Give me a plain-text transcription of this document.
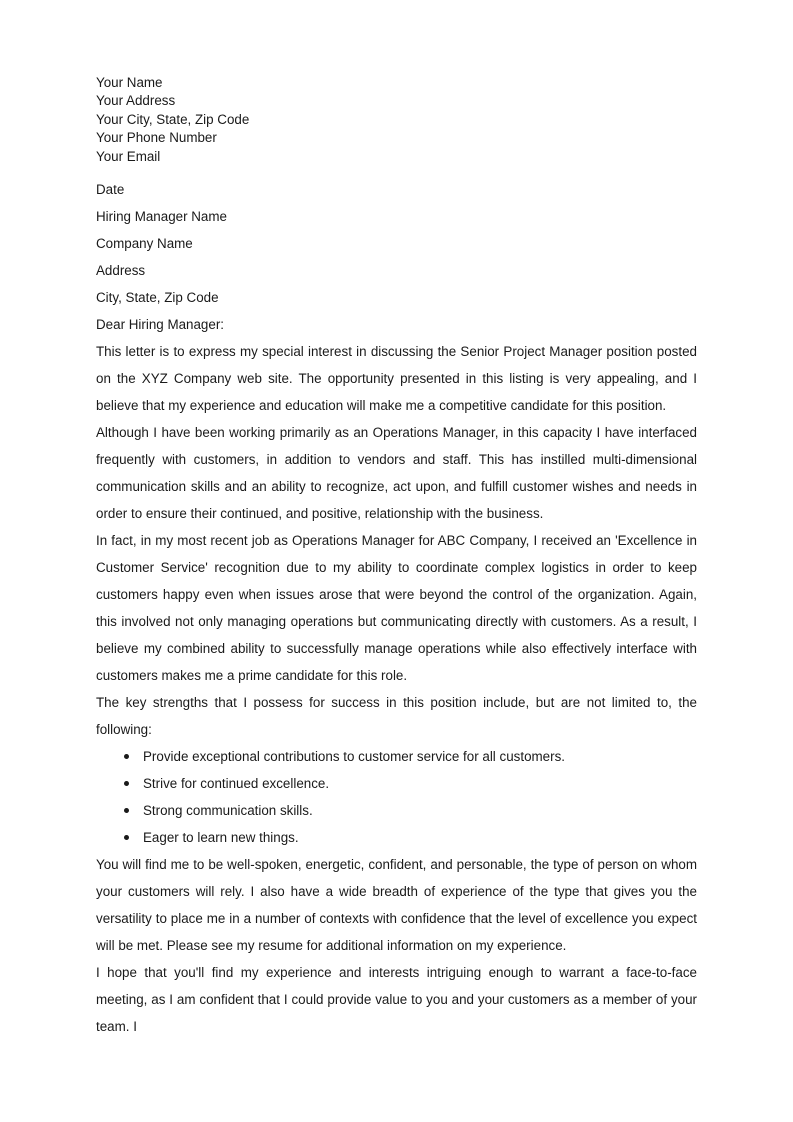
Your Name
Your Address
Your City, State, Zip Code
Your Phone Number
Your Email
Date
Hiring Manager Name
Company Name
Address
City, State, Zip Code
Dear Hiring Manager:

This letter is to express my special interest in discussing the Senior Project Manager position posted on the XYZ Company web site. The opportunity presented in this listing is very appealing, and I believe that my experience and education will make me a competitive candidate for this position.

Although I have been working primarily as an Operations Manager, in this capacity I have interfaced frequently with customers, in addition to vendors and staff. This has instilled multi-dimensional communication skills and an ability to recognize, act upon, and fulfill customer wishes and needs in order to ensure their continued, and positive, relationship with the business.

In fact, in my most recent job as Operations Manager for ABC Company, I received an 'Excellence in Customer Service' recognition due to my ability to coordinate complex logistics in order to keep customers happy even when issues arose that were beyond the control of the organization. Again, this involved not only managing operations but communicating directly with customers. As a result, I believe my combined ability to successfully manage operations while also effectively interface with customers makes me a prime candidate for this role.

The key strengths that I possess for success in this position include, but are not limited to, the following:

Provide exceptional contributions to customer service for all customers.
Strive for continued excellence.
Strong communication skills.
Eager to learn new things.

You will find me to be well-spoken, energetic, confident, and personable, the type of person on whom your customers will rely. I also have a wide breadth of experience of the type that gives you the versatility to place me in a number of contexts with confidence that the level of excellence you expect will be met. Please see my resume for additional information on my experience.

I hope that you'll find my experience and interests intriguing enough to warrant a face-to-face meeting, as I am confident that I could provide value to you and your customers as a member of your team. I
